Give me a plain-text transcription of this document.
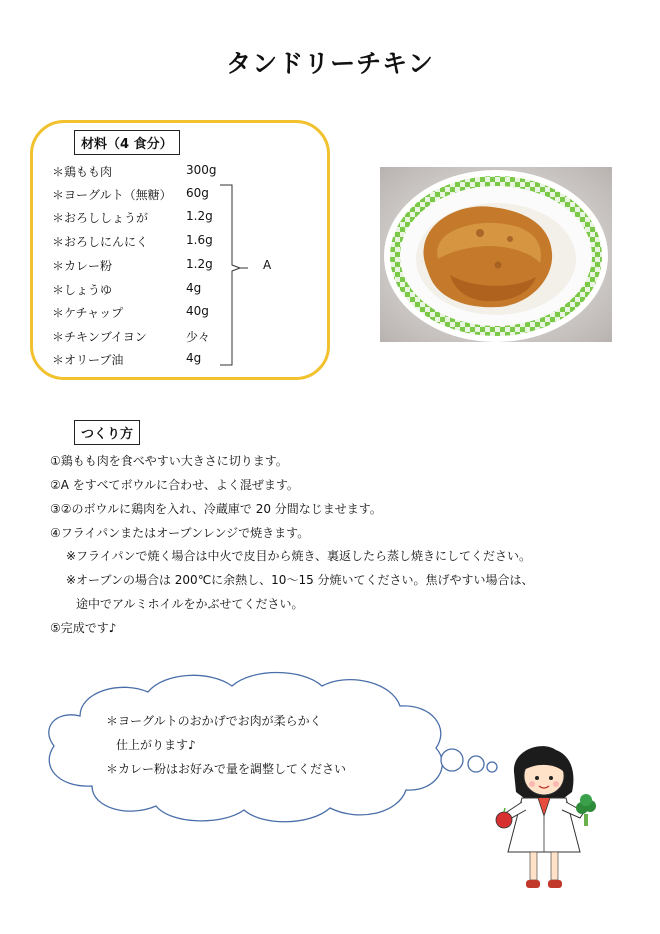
タンドリーチキン
材料（4 食分）
＊鶏もも肉	300g
＊ヨーグルト（無糖） 60g
＊おろししょうが	1.2g
＊おろしにんにく	1.6g
＊カレー粉	1.2g
＊しょうゆ	4g
＊ケチャップ	40g
＊チキンブイヨン	少々
＊オリーブ油	4g
A
つくり方

①鶏もも肉を食べやすい大きさに切ります。

②A をすべてボウルに合わせ、よく混ぜます。

③②のボウルに鶏肉を入れ、冷蔵庫で 20 分間なじませます。

④フライパンまたはオーブンレンジで焼きます。

※フライパンで焼く場合は中火で皮目から焼き、裏返したら蒸し焼きにしてください。

※オーブンの場合は 200℃に余熱し、10～15 分焼いてください。焦げやすい場合は、

途中でアルミホイルをかぶせてください。

⑤完成です♪

＊ヨーグルトのおかげでお肉が柔らかく
仕上がります♪
＊カレー粉はお好みで量を調整してください
